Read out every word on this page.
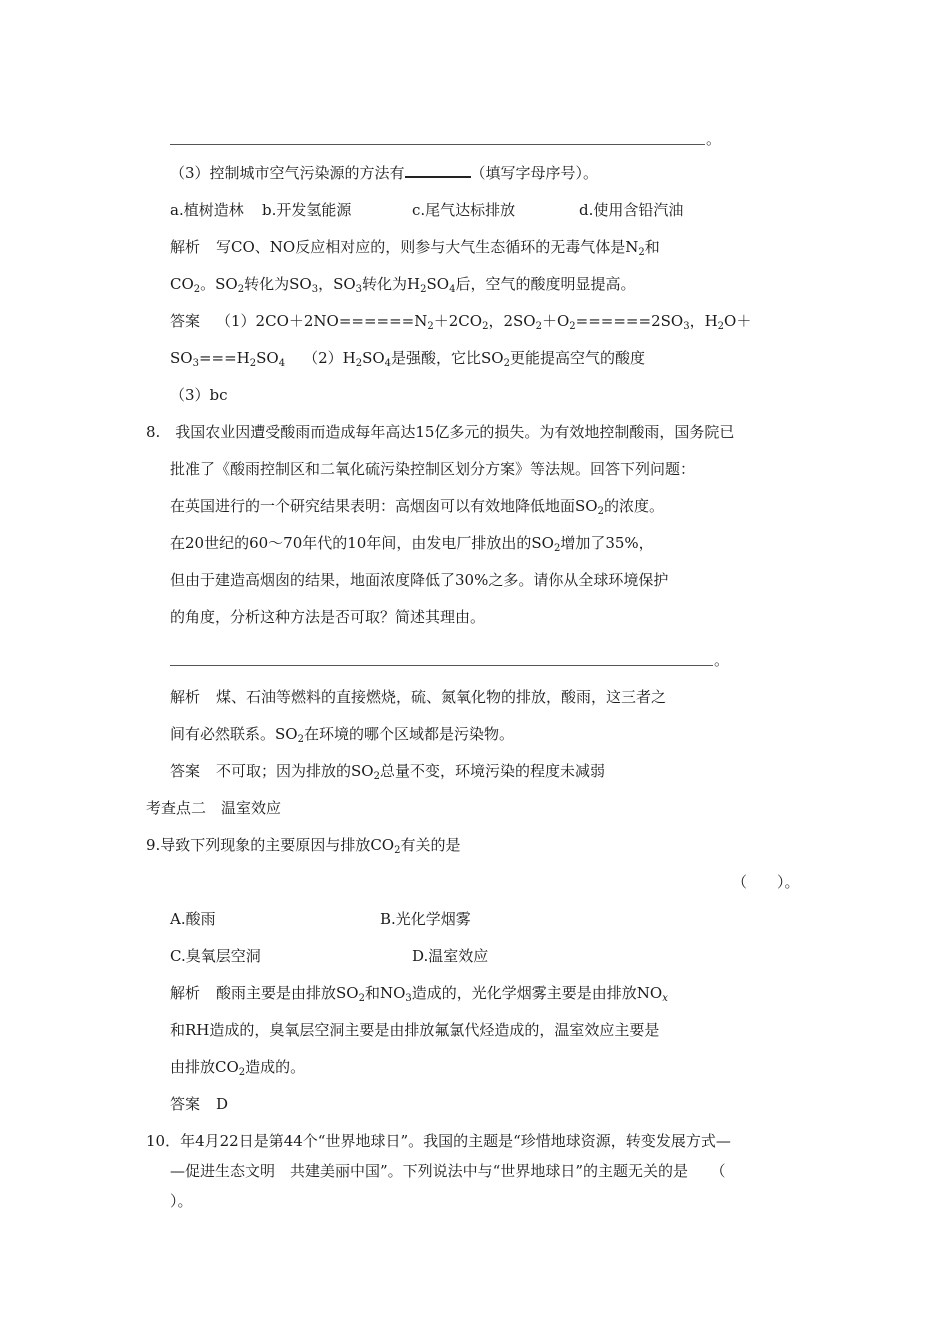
。
（3）控制城市空气污染源的方法有	（填写字母序号）。
a.植树造林 b.开发氢能源	c.尾气达标排放	d.使用含铅汽油
解析 写CO、NO反应相对应的，则参与大气生态循环的无毒气体是$N_2$和
$CO_2$。$SO_2$转化为$SO_3$，$SO_3$转化为$H_2SO_4$后，空气的酸度明显提高。
答案 $(1)2CO+2NO======N_2+2CO_2$，$2SO_2+O_2======2SO_3$，$H_2O+$
$SO_3===H_2SO_4$ $(2)H_2SO_4$是强酸，它比$SO_2$更能提高空气的酸度
（3）bc
8.　我国农业因遭受酸雨而造成每年高达15亿多元的损失。为有效地控制酸雨，国务院已
批准了《酸雨控制区和二氧化硫污染控制区划分方案》等法规。回答下列问题：
在英国进行的一个研究结果表明：高烟囱可以有效地降低地面$SO_2$的浓度。
在20世纪的60～70年代的10年间，由发电厂排放出的$SO_2$增加了35%，
但由于建造高烟囱的结果，地面浓度降低了30%之多。请你从全球环境保护
的角度，分析这种方法是否可取？简述其理由。
。
解析 煤、石油等燃料的直接燃烧，硫、氮氧化物的排放，酸雨，这三者之
间有必然联系。$SO_2$在环境的哪个区域都是污染物。
答案 不可取；因为排放的$SO_2$总量不变，环境污染的程度未减弱
考查点二　温室效应
9.导致下列现象的主要原因与排放$CO_2$有关的是
（　　）。
A.酸雨	B.光化学烟雾
C.臭氧层空洞	D.温室效应
解析 酸雨主要是由排放$SO_2$和$NO_3$造成的，光化学烟雾主要是由排放$NO_x$
和RH造成的，臭氧层空洞主要是由排放氟氯代烃造成的，温室效应主要是
由排放$CO_2$造成的。
答案 D
10．年4月22日是第44个“世界地球日”。我国的主题是“珍惜地球资源，转变发展方式—
—促进生态文明　共建美丽中国”。下列说法中与“世界地球日”的主题无关的是　　（
）。
